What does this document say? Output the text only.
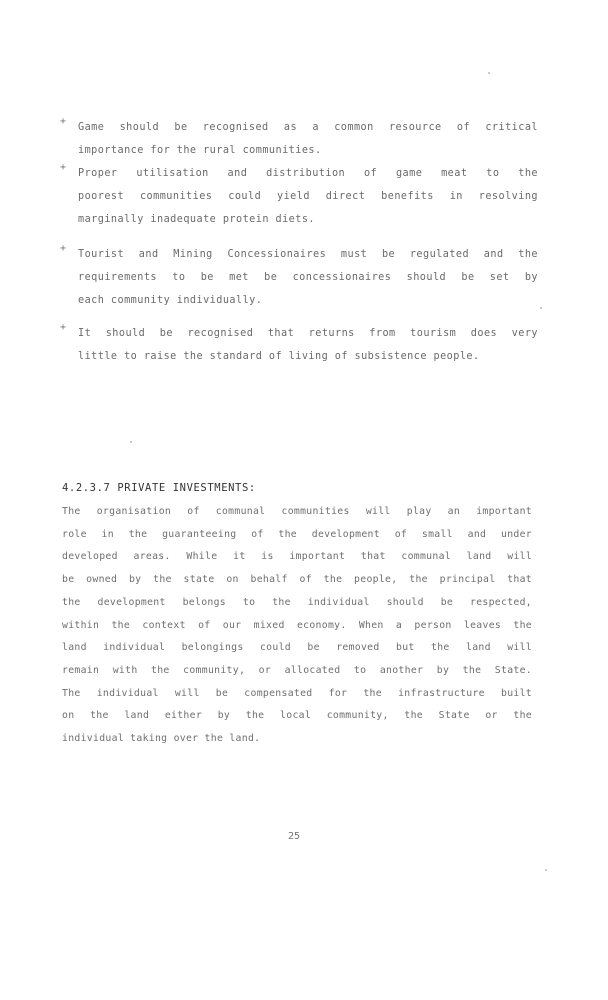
+
Game should be recognised as a common resource of critical
importance for the rural communities.
+
Proper utilisation and distribution of game meat to the
poorest communities could yield direct benefits in resolving
marginally inadequate protein diets.
+
Tourist and Mining Concessionaires must be regulated and the
requirements to be met be concessionaires should be set by
each community individually.
+
It should be recognised that returns from tourism does very
little to raise the standard of living of subsistence people.
4.2.3.7 PRIVATE INVESTMENTS:
The organisation of communal communities will play an important
role in the guaranteeing of the development of small and under
developed areas. While it is important that communal land will
be owned by the state on behalf of the people, the principal that
the development belongs to the individual should be respected,
within the context of our mixed economy. When a person leaves the
land individual belongings could be removed but the land will
remain with the community, or allocated to another by the State.
The individual will be compensated for the infrastructure built
on the land either by the local community, the State or the
individual taking over the land.
25
